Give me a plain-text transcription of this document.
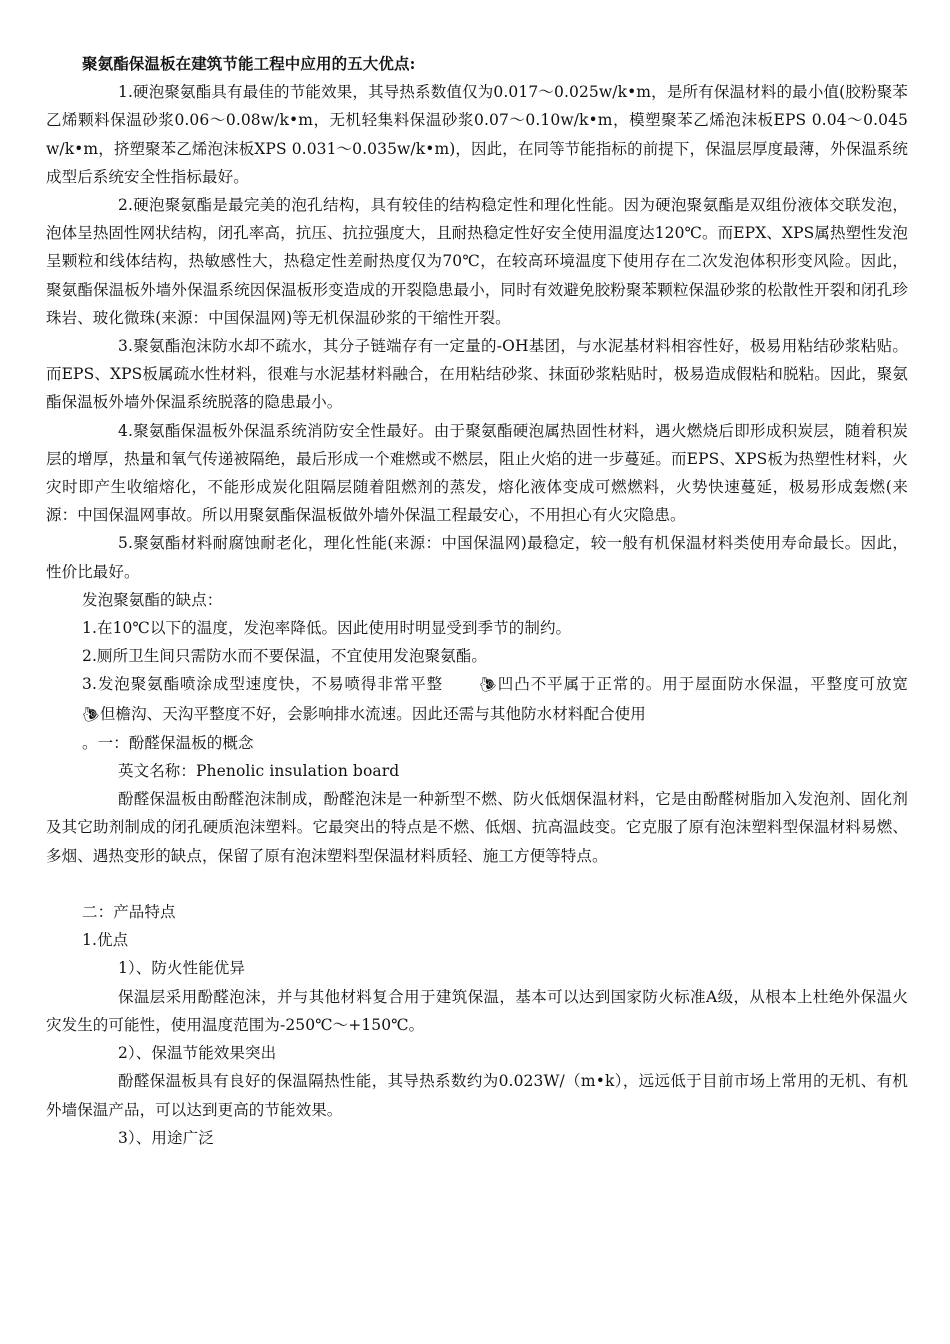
聚氨酯保温板在建筑节能工程中应用的五大优点:

1.硬泡聚氨酯具有最佳的节能效果，其导热系数值仅为0.017～0.025w/k•m，是所有保温材料的最小值(胶粉聚苯乙烯颗料保温砂浆0.06～0.08w/k•m，无机轻集料保温砂浆0.07～0.10w/k•m，模塑聚苯乙烯泡沫板EPS 0.04～0.045w/k•m，挤塑聚苯乙烯泡沫板XPS 0.031～0.035w/k•m)，因此，在同等节能指标的前提下，保温层厚度最薄，外保温系统成型后系统安全性指标最好。

2.硬泡聚氨酯是最完美的泡孔结构，具有较佳的结构稳定性和理化性能。因为硬泡聚氨酯是双组份液体交联发泡，泡体呈热固性网状结构，闭孔率高，抗压、抗拉强度大，且耐热稳定性好安全使用温度达120℃。而EPX、XPS属热塑性发泡呈颗粒和线体结构，热敏感性大，热稳定性差耐热度仅为70℃，在较高环境温度下使用存在二次发泡体积形变风险。因此，聚氨酯保温板外墙外保温系统因保温板形变造成的开裂隐患最小，同时有效避免胶粉聚苯颗粒保温砂浆的松散性开裂和闭孔珍珠岩、玻化微珠(来源：中国保温网)等无机保温砂浆的干缩性开裂。

3.聚氨酯泡沫防水却不疏水，其分子链端存有一定量的-OH基团，与水泥基材料相容性好，极易用粘结砂浆粘贴。而EPS、XPS板属疏水性材料，很难与水泥基材料融合，在用粘结砂浆、抹面砂浆粘贴时，极易造成假粘和脱粘。因此，聚氨酯保温板外墙外保温系统脱落的隐患最小。

4.聚氨酯保温板外保温系统消防安全性最好。由于聚氨酯硬泡属热固性材料，遇火燃烧后即形成积炭层，随着积炭层的增厚，热量和氧气传递被隔绝，最后形成一个难燃或不燃层，阻止火焰的进一步蔓延。而EPS、XPS板为热塑性材料，火灾时即产生收缩熔化，不能形成炭化阻隔层随着阻燃剂的蒸发，熔化液体变成可燃燃料，火势快速蔓延，极易形成轰燃(来源：中国保温网事故。所以用聚氨酯保温板做外墙外保温工程最安心，不用担心有火灾隐患。

5.聚氨酯材料耐腐蚀耐老化，理化性能(来源：中国保温网)最稳定，较一般有机保温材料类使用寿命最长。因此，性价比最好。

发泡聚氨酯的缺点：

1.在10℃以下的温度，发泡率降低。因此使用时明显受到季节的制约。

2.厕所卫生间只需防水而不要保温，不宜使用发泡聚氨酯。

3.发泡聚氨酯喷涂成型速度快，不易喷得非常平整	🐌︎凹凸不平属于正常的。用于屋面防水保温，平整度可放宽🐌︎但檐沟、天沟平整度不好，会影响排水流速。因此还需与其他防水材料配合使用

。一：酚醛保温板的概念

英文名称：Phenolic insulation board

酚醛保温板由酚醛泡沫制成，酚醛泡沫是一种新型不燃、防火低烟保温材料，它是由酚醛树脂加入发泡剂、固化剂及其它助剂制成的闭孔硬质泡沫塑料。它最突出的特点是不燃、低烟、抗高温歧变。它克服了原有泡沫塑料型保温材料易燃、多烟、遇热变形的缺点，保留了原有泡沫塑料型保温材料质轻、施工方便等特点。

二：产品特点

1.优点

1）、防火性能优异

保温层采用酚醛泡沫，并与其他材料复合用于建筑保温，基本可以达到国家防火标准A级，从根本上杜绝外保温火灾发生的可能性，使用温度范围为-250℃～+150℃。

2）、保温节能效果突出

酚醛保温板具有良好的保温隔热性能，其导热系数约为0.023W/（m•k），远远低于目前市场上常用的无机、有机外墙保温产品，可以达到更高的节能效果。

3）、用途广泛
